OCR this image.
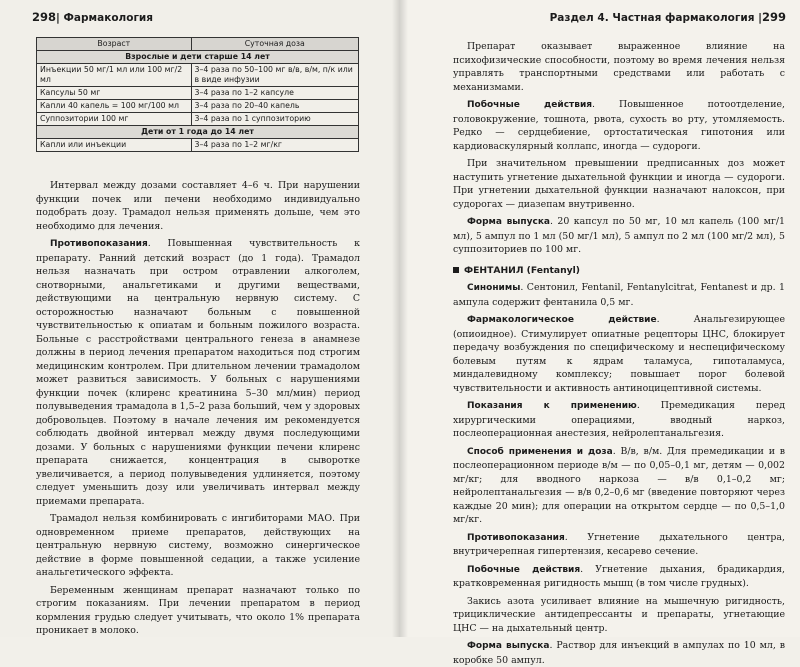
298| Фармакология
Возраст	Суточная доза
Взрослые и дети старше 14 лет	
Инъекции 50 мг/1 мл или 100 мг/2 мл	3–4 раза по 50–100 мг в/в, в/м, п/к или в виде инфузии
Капсулы 50 мг	3–4 раза по 1–2 капсуле
Капли 40 капель = 100 мг/100 мл	3–4 раза по 20–40 капель
Суппозитории 100 мг	3–4 раза по 1 суппозиторию
Дети от 1 года до 14 лет	
Капли или инъекции	3–4 раза по 1–2 мг/кг

Интервал между дозами составляет 4–6 ч. При нарушении функции почек или печени необходимо индивидуально подобрать дозу. Трамадол нельзя применять дольше, чем это необходимо для лечения.

Противопоказания. Повышенная чувствительность к препарату. Ранний детский возраст (до 1 года). Трамадол нельзя назначать при остром отравлении алкоголем, снотворными, анальгетиками и другими веществами, действующими на центральную нервную систему. С осторожностью назначают больным с повышенной чувствительностью к опиатам и больным пожилого возраста. Больные с расстройствами центрального генеза в анамнезе должны в период лечения препаратом находиться под строгим медицинским контролем. При длительном лечении трамадолом может развиться зависимость. У больных с нарушениями функции почек (клиренс креатинина 5–30 мл/мин) период полувыведения трамадола в 1,5–2 раза больший, чем у здоровых добровольцев. Поэтому в начале лечения им рекомендуется соблюдать двойной интервал между двумя последующими дозами. У больных с нарушениями функции печени клиренс препарата снижается, концентрация в сыворотке увеличивается, а период полувыведения удлиняется, поэтому следует уменьшить дозу или увеличивать интервал между приемами препарата.

Трамадол нельзя комбинировать с ингибиторами МАО. При одновременном приеме препаратов, действующих на центральную нервную систему, возможно синергическое действие в форме повышенной седации, а также усиление анальгетического эффекта.

Беременным женщинам препарат назначают только по строгим показаниям. При лечении препаратом в период кормления грудью следует учитывать, что около 1% препарата проникает в молоко.

Раздел 4. Частная фармакология |299

Препарат оказывает выраженное влияние на психофизические способности, поэтому во время лечения нельзя управлять транспортными средствами или работать с механизмами.

Побочные действия. Повышенное потоотделение, головокружение, тошнота, рвота, сухость во рту, утомляемость. Редко — сердцебиение, ортостатическая гипотония или кардиоваскулярный коллапс, иногда — судороги.

При значительном превышении предписанных доз может наступить угнетение дыхательной функции и иногда — судороги. При угнетении дыхательной функции назначают налоксон, при судорогах — диазепам внутривенно.

Форма выпуска. 20 капсул по 50 мг, 10 мл капель (100 мг/1 мл), 5 ампул по 1 мл (50 мг/1 мл), 5 ампул по 2 мл (100 мг/2 мл), 5 суппозиториев по 100 мг.

ФЕНТАНИЛ (Fentanyl)

Синонимы. Сентонил, Fentanil, Fentanylcitrat, Fentanest и др. 1 ампула содержит фентанила 0,5 мг.

Фармакологическое действие. Анальгезирующее (опиоидное). Стимулирует опиатные рецепторы ЦНС, блокирует передачу возбуждения по специфическому и неспецифическому болевым путям к ядрам таламуса, гипоталамуса, миндалевидному комплексу; повышает порог болевой чувствительности и активность антиноцицептивной системы.

Показания к применению. Премедикация перед хирургическими операциями, вводный наркоз, послеоперационная анестезия, нейролептанальгезия.

Способ применения и доза. В/в, в/м. Для премедикации и в послеоперационном периоде в/м — по 0,05–0,1 мг, детям — 0,002 мг/кг; для вводного наркоза — в/в 0,1–0,2 мг; нейролептанальгезия — в/в 0,2–0,6 мг (введение повторяют через каждые 20 мин); для операции на открытом сердце — по 0,5–1,0 мг/кг.

Противопоказания. Угнетение дыхательного центра, внутричерепная гипертензия, кесарево сечение.

Побочные действия. Угнетение дыхания, брадикардия, кратковременная ригидность мышц (в том числе грудных).

Закись азота усиливает влияние на мышечную ригидность, трициклические антидепрессанты и препараты, угнетающие ЦНС — на дыхательный центр.

Форма выпуска. Раствор для инъекций в ампулах по 10 мл, в коробке 50 ампул.
